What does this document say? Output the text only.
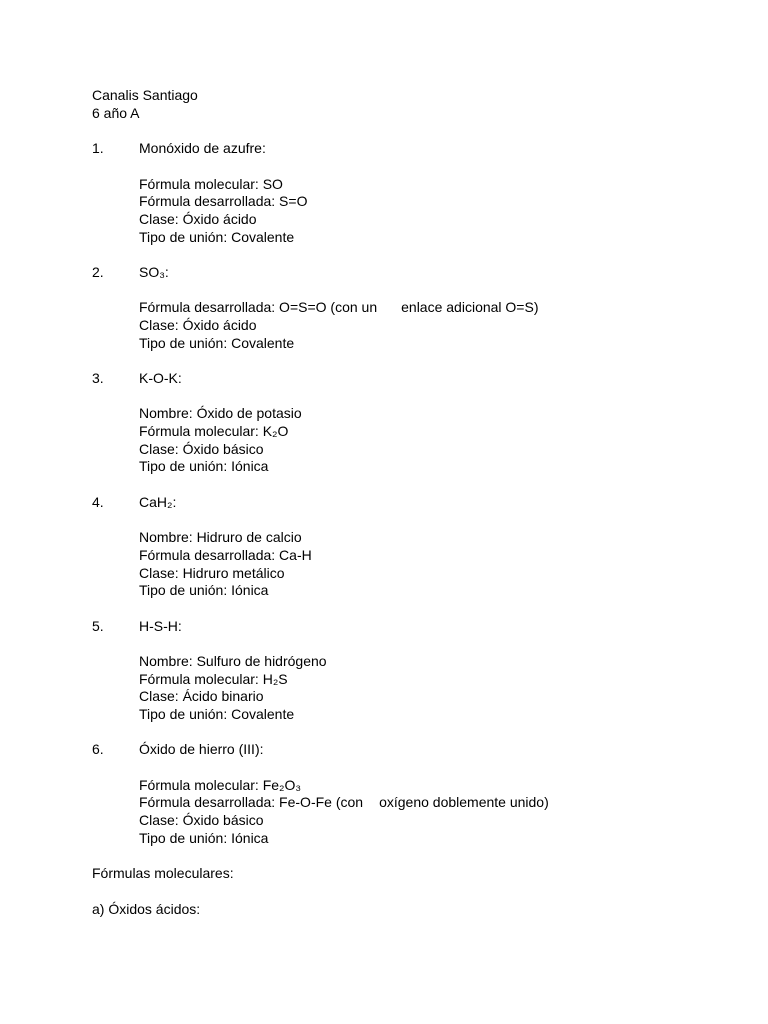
Canalis Santiago
6 año A
1.	Monóxido de azufre:
Fórmula molecular: SO
Fórmula desarrollada: S=O
Clase: Óxido ácido
Tipo de unión: Covalente
2.	SO₃:
Fórmula desarrollada: O=S=O (con un enlace adicional O=S)
Clase: Óxido ácido
Tipo de unión: Covalente
3.	K-O-K:
Nombre: Óxido de potasio
Fórmula molecular: K₂O
Clase: Óxido básico
Tipo de unión: Iónica
4.	CaH₂:
Nombre: Hidruro de calcio
Fórmula desarrollada: Ca-H
Clase: Hidruro metálico
Tipo de unión: Iónica
5.	H-S-H:
Nombre: Sulfuro de hidrógeno
Fórmula molecular: H₂S
Clase: Ácido binario
Tipo de unión: Covalente
6.	Óxido de hierro (III):
Fórmula molecular: Fe₂O₃
Fórmula desarrollada: Fe-O-Fe (con oxígeno doblemente unido)
Clase: Óxido básico
Tipo de unión: Iónica
Fórmulas moleculares:
a) Óxidos ácidos:
